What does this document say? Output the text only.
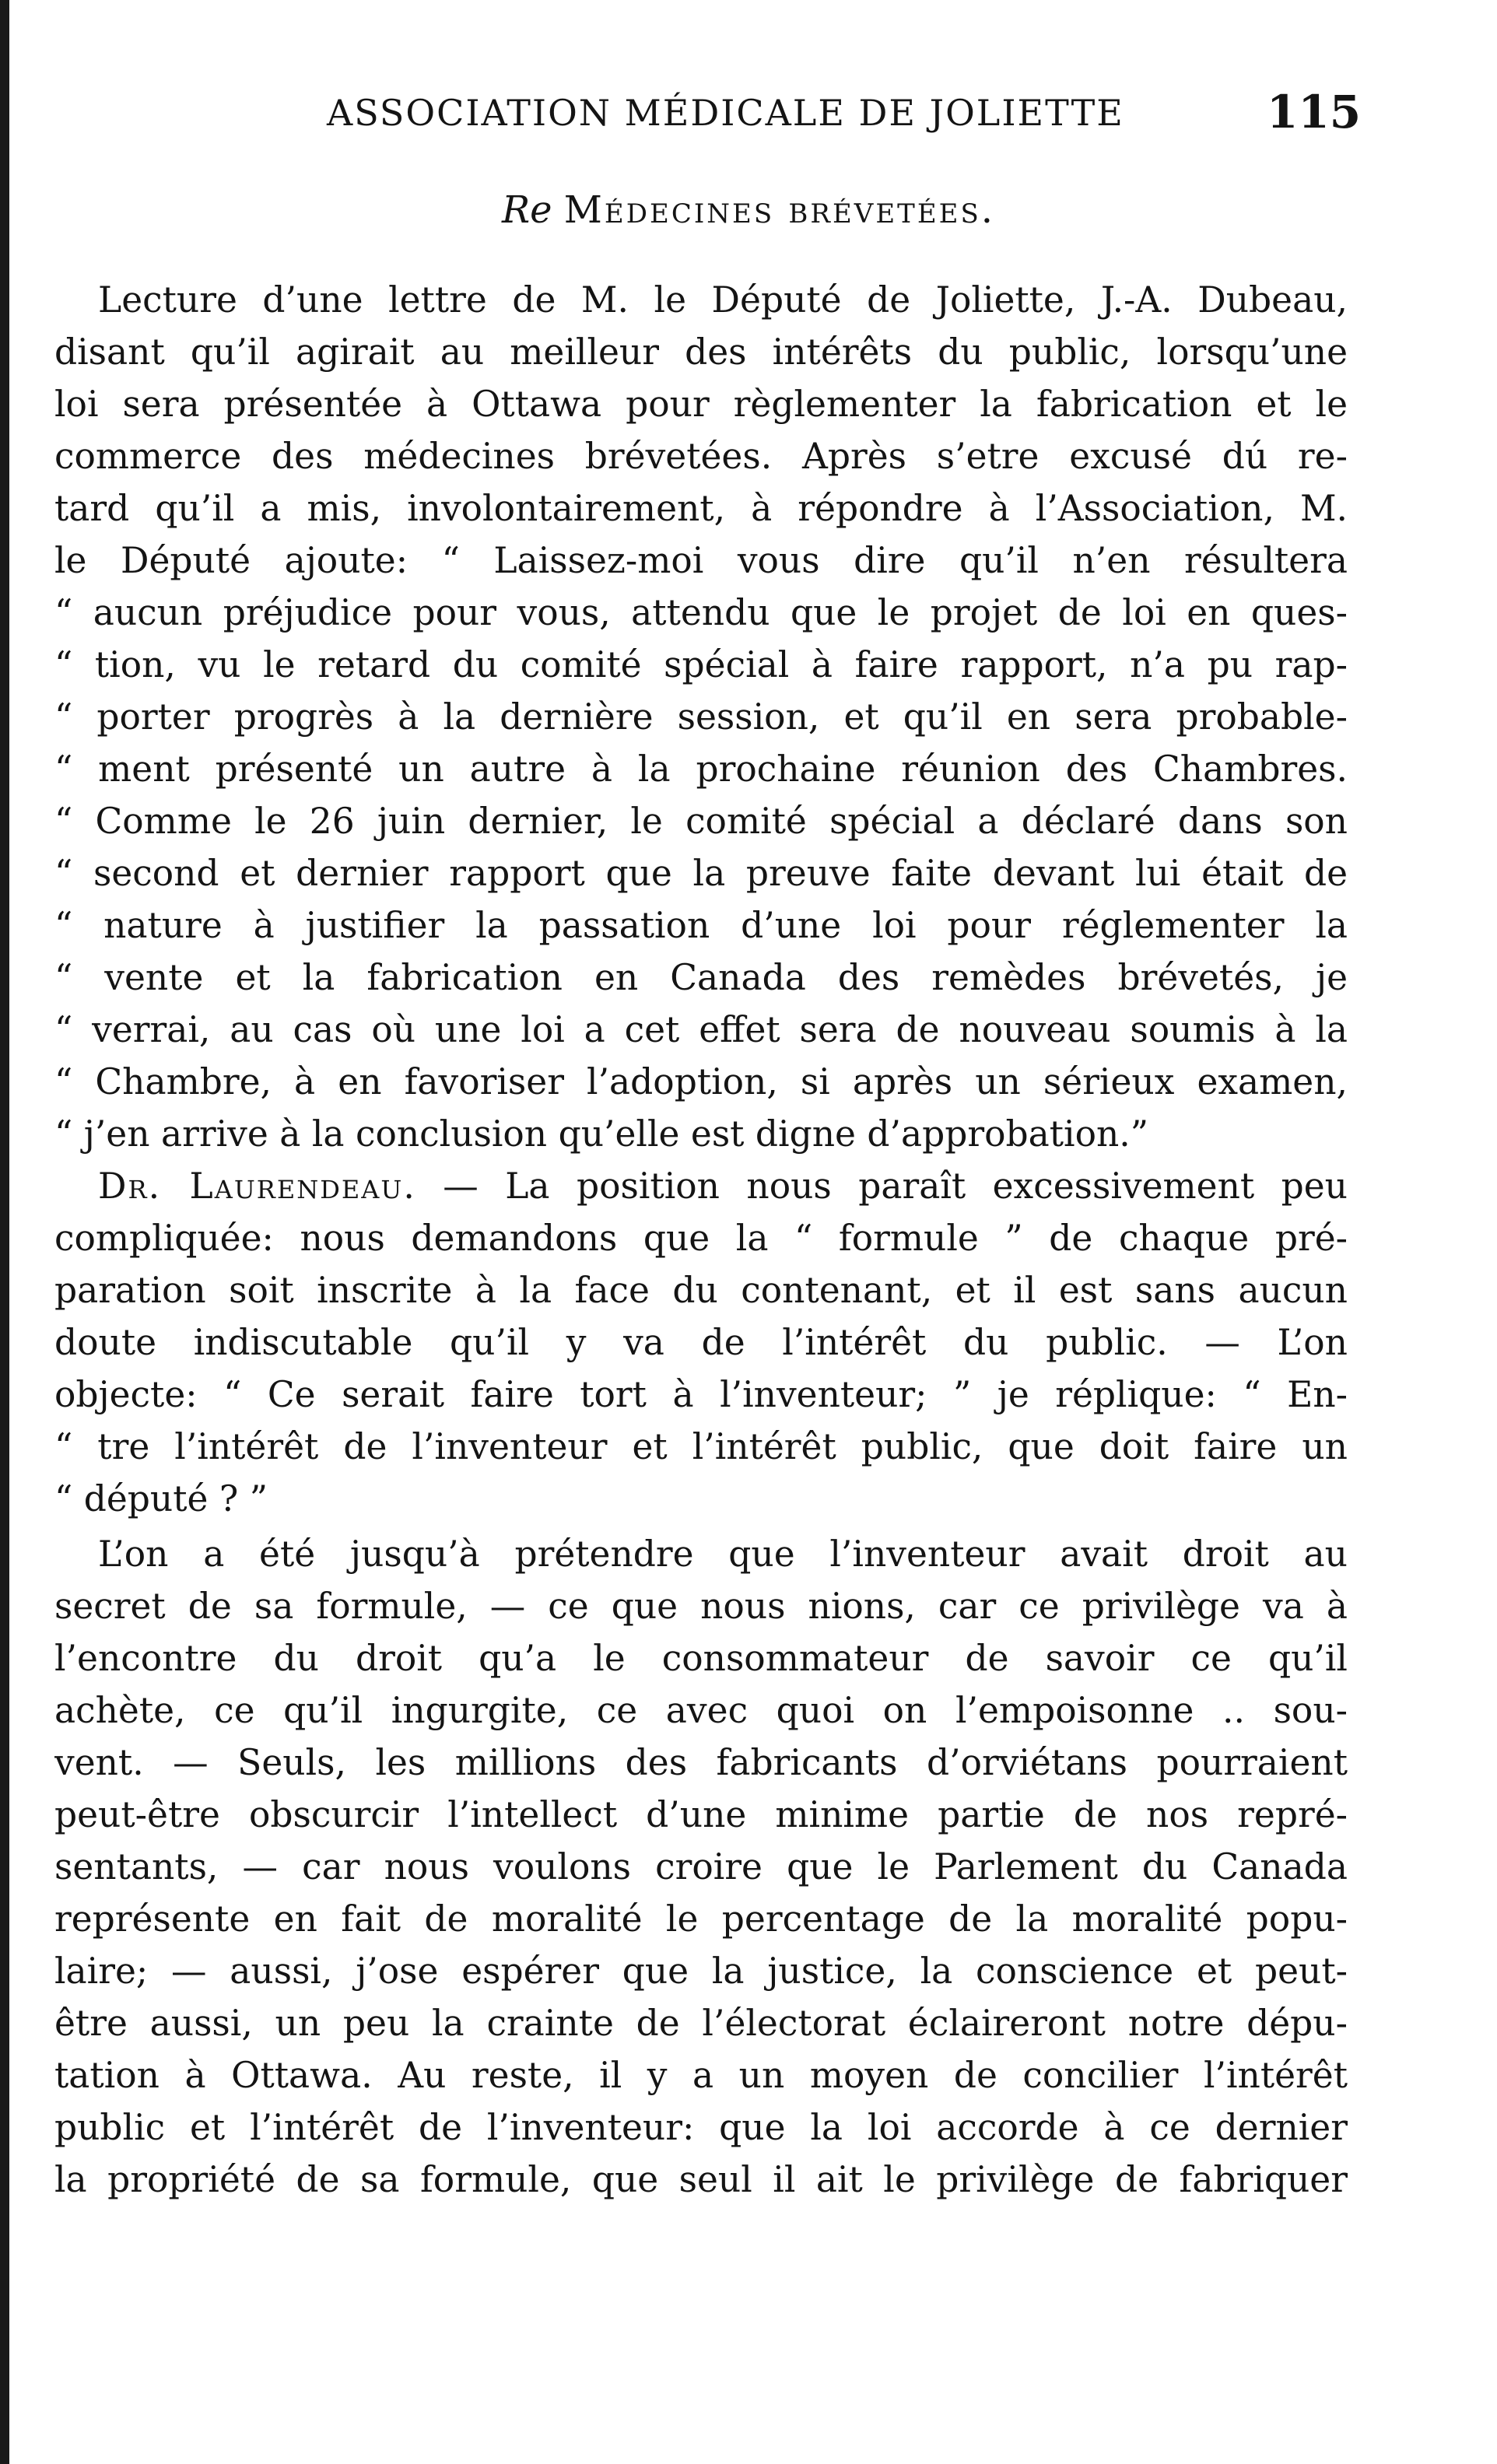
ASSOCIATION MÉDICALE DE JOLIETTE	115
Re Médecines brévetées.
Lecture d’une lettre de M. le Député de Joliette, J.-A. Dubeau,
disant qu’il agirait au meilleur des intérêts du public, lorsqu’une
loi sera présentée à Ottawa pour règlementer la fabrication et le
commerce des médecines brévetées. Après s’etre excusé dú re-
tard qu’il a mis, involontairement, à répondre à l’Association, M.
le Député ajoute: “ Laissez-moi vous dire qu’il n’en résultera
“ aucun préjudice pour vous, attendu que le projet de loi en ques-
“ tion, vu le retard du comité spécial à faire rapport, n’a pu rap-
“ porter progrès à la dernière session, et qu’il en sera probable-
“ ment présenté un autre à la prochaine réunion des Chambres.
“ Comme le 26 juin dernier, le comité spécial a déclaré dans son
“ second et dernier rapport que la preuve faite devant lui était de
“ nature à justifier la passation d’une loi pour réglementer la
“ vente et la fabrication en Canada des remèdes brévetés, je
“ verrai, au cas où une loi a cet effet sera de nouveau soumis à la
“ Chambre, à en favoriser l’adoption, si après un sérieux examen,
“ j’en arrive à la conclusion qu’elle est digne d’approbation.”
Dr. Laurendeau. — La position nous paraît excessivement peu
compliquée: nous demandons que la “ formule ” de chaque pré-
paration soit inscrite à la face du contenant, et il est sans aucun
doute indiscutable qu’il y va de l’intérêt du public. — L’on
objecte: “ Ce serait faire tort à l’inventeur; ” je réplique: “ En-
“ tre l’intérêt de l’inventeur et l’intérêt public, que doit faire un
“ député ? ”
L’on a été jusqu’à prétendre que l’inventeur avait droit au
secret de sa formule, — ce que nous nions, car ce privilège va à
l’encontre du droit qu’a le consommateur de savoir ce qu’il
achète, ce qu’il ingurgite, ce avec quoi on l’empoisonne .. sou-
vent. — Seuls, les millions des fabricants d’orviétans pourraient
peut-être obscurcir l’intellect d’une minime partie de nos repré-
sentants, — car nous voulons croire que le Parlement du Canada
représente en fait de moralité le percentage de la moralité popu-
laire; — aussi, j’ose espérer que la justice, la conscience et peut-
être aussi, un peu la crainte de l’électorat éclaireront notre dépu-
tation à Ottawa. Au reste, il y a un moyen de concilier l’intérêt
public et l’intérêt de l’inventeur: que la loi accorde à ce dernier
la propriété de sa formule, que seul il ait le privilège de fabriquer
